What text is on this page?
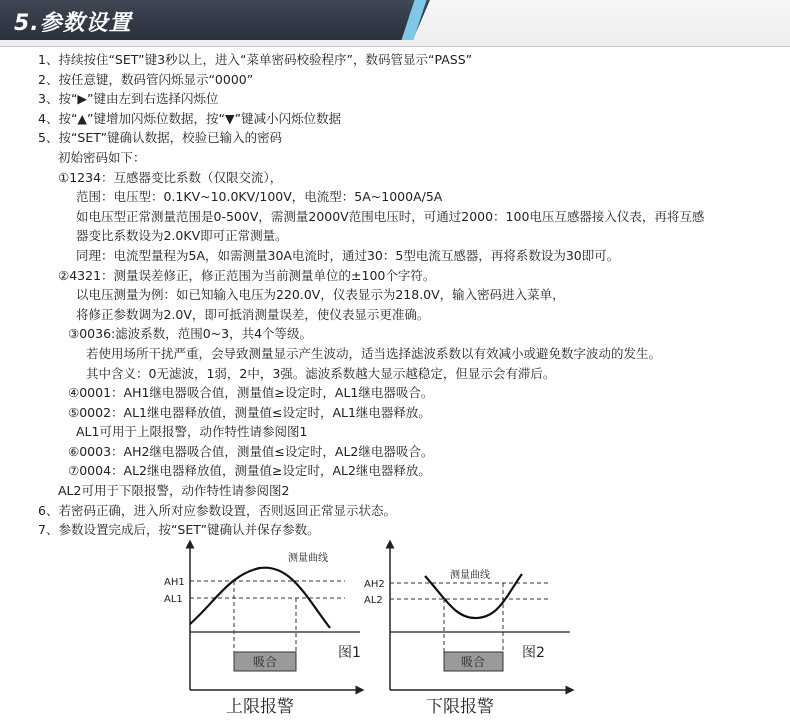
5.参数设置
1、持续按住“SET”键3秒以上，进入“菜单密码校验程序”，数码管显示“PASS”
2、按任意键，数码管闪烁显示“0000”
3、按“▶”键由左到右选择闪烁位
4、按“▲”键增加闪烁位数据，按“▼”键减小闪烁位数据
5、按“SET”键确认数据，校验已输入的密码
初始密码如下：
①1234：互感器变比系数（仅限交流），
范围：电压型：0.1KV~10.0KV/100V，电流型：5A~1000A/5A
如电压型正常测量范围是0-500V，需测量2000V范围电压时，可通过2000：100电压互感器接入仪表，再将互感
器变比系数设为2.0KV即可正常测量。
同理：电流型量程为5A，如需测量30A电流时，通过30：5型电流互感器，再将系数设为30即可。
②4321：测量误差修正，修正范围为当前测量单位的±100个字符。
以电压测量为例：如已知输入电压为220.0V，仪表显示为218.0V，输入密码进入菜单，
将修正参数调为2.0V，即可抵消测量误差，使仪表显示更准确。
③0036:滤波系数，范围0~3，共4个等级。
若使用场所干扰严重，会导致测量显示产生波动，适当选择滤波系数以有效减小或避免数字波动的发生。
其中含义：0无滤波，1弱，2中，3强。滤波系数越大显示越稳定，但显示会有滞后。
④0001：AH1继电器吸合值，测量值≥设定时，AL1继电器吸合。
⑤0002：AL1继电器释放值，测量值≤设定时，AL1继电器释放。
AL1可用于上限报警，动作特性请参阅图1
⑥0003：AH2继电器吸合值，测量值≤设定时，AL2继电器吸合。
⑦0004：AL2继电器释放值，测量值≥设定时，AL2继电器释放。
AL2可用于下限报警，动作特性请参阅图2
6、若密码正确，进入所对应参数设置，否则返回正常显示状态。
7、参数设置完成后，按“SET”键确认并保存参数。
吸合
测量曲线
AH1
AL1
图1
上限报警
吸合
测量曲线
AH2
AL2
图2
下限报警
